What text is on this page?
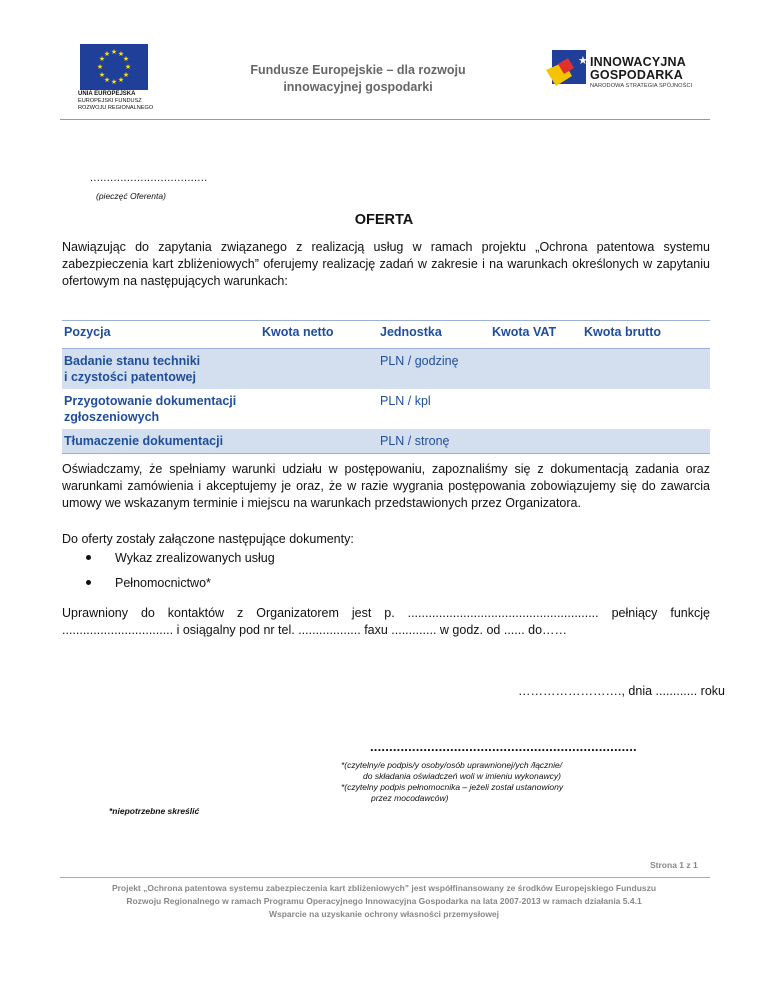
★ ★
★
★
★
★
★
★
★
★
★
★
UNIA EUROPEJSKA
EUROPEJSKI FUNDUSZ
ROZWOJU REGIONALNEGO
Fundusze Europejskie – dla rozwoju
innowacyjnej gospodarki
★ INNOWACYJNA
GOSPODARKA
NARODOWA STRATEGIA SPÓJNOŚCI
...................................
(pieczęć Oferenta)
OFERTA
Nawiązując do zapytania związanego z realizacją usług w ramach projektu „Ochrona patentowa systemu zabezpieczenia kart zbliżeniowych” oferujemy realizację zadań w zakresie i na warunkach określonych w zapytaniu ofertowym na następujących warunkach:
Pozycja	Kwota netto	Jednostka	Kwota VAT	Kwota brutto

Badanie stanu techniki
i czystości patentowej		PLN / godzinę		

Przygotowanie dokumentacji
zgłoszeniowych		PLN / kpl		

Tłumaczenie dokumentacji		PLN / stronę		
Oświadczamy, że spełniamy warunki udziału w postępowaniu, zapoznaliśmy się z dokumentacją zadania oraz warunkami zamówienia i akceptujemy je oraz, że w razie wygrania postępowania zobowiązujemy się do zawarcia umowy we wskazanym terminie i miejscu na warunkach przedstawionych przez Organizatora.
Do oferty zostały załączone następujące dokumenty:
Wykaz zrealizowanych usług
Pełnomocnictwo*
Uprawniony do kontaktów z Organizatorem jest p. ....................................................... pełniący funkcję ................................ i osiągalny pod nr tel. .................. faxu ............. w godz. od ...... do……
……………………., dnia ............ roku
......................................................................
*(czytelny/e podpis/y osoby/osób uprawnionej/ych /łącznie/
do składania oświadczeń woli w imieniu wykonawcy)
*(czytelny podpis pełnomocnika – jeżeli został ustanowiony
przez mocodawców)
*niepotrzebne skreślić
Strona 1 z 1
Projekt „Ochrona patentowa systemu zabezpieczenia kart zbliżeniowych” jest współfinansowany ze środków Europejskiego Funduszu
Rozwoju Regionalnego w ramach Programu Operacyjnego Innowacyjna Gospodarka na lata 2007-2013 w ramach działania 5.4.1
Wsparcie na uzyskanie ochrony własności przemysłowej
